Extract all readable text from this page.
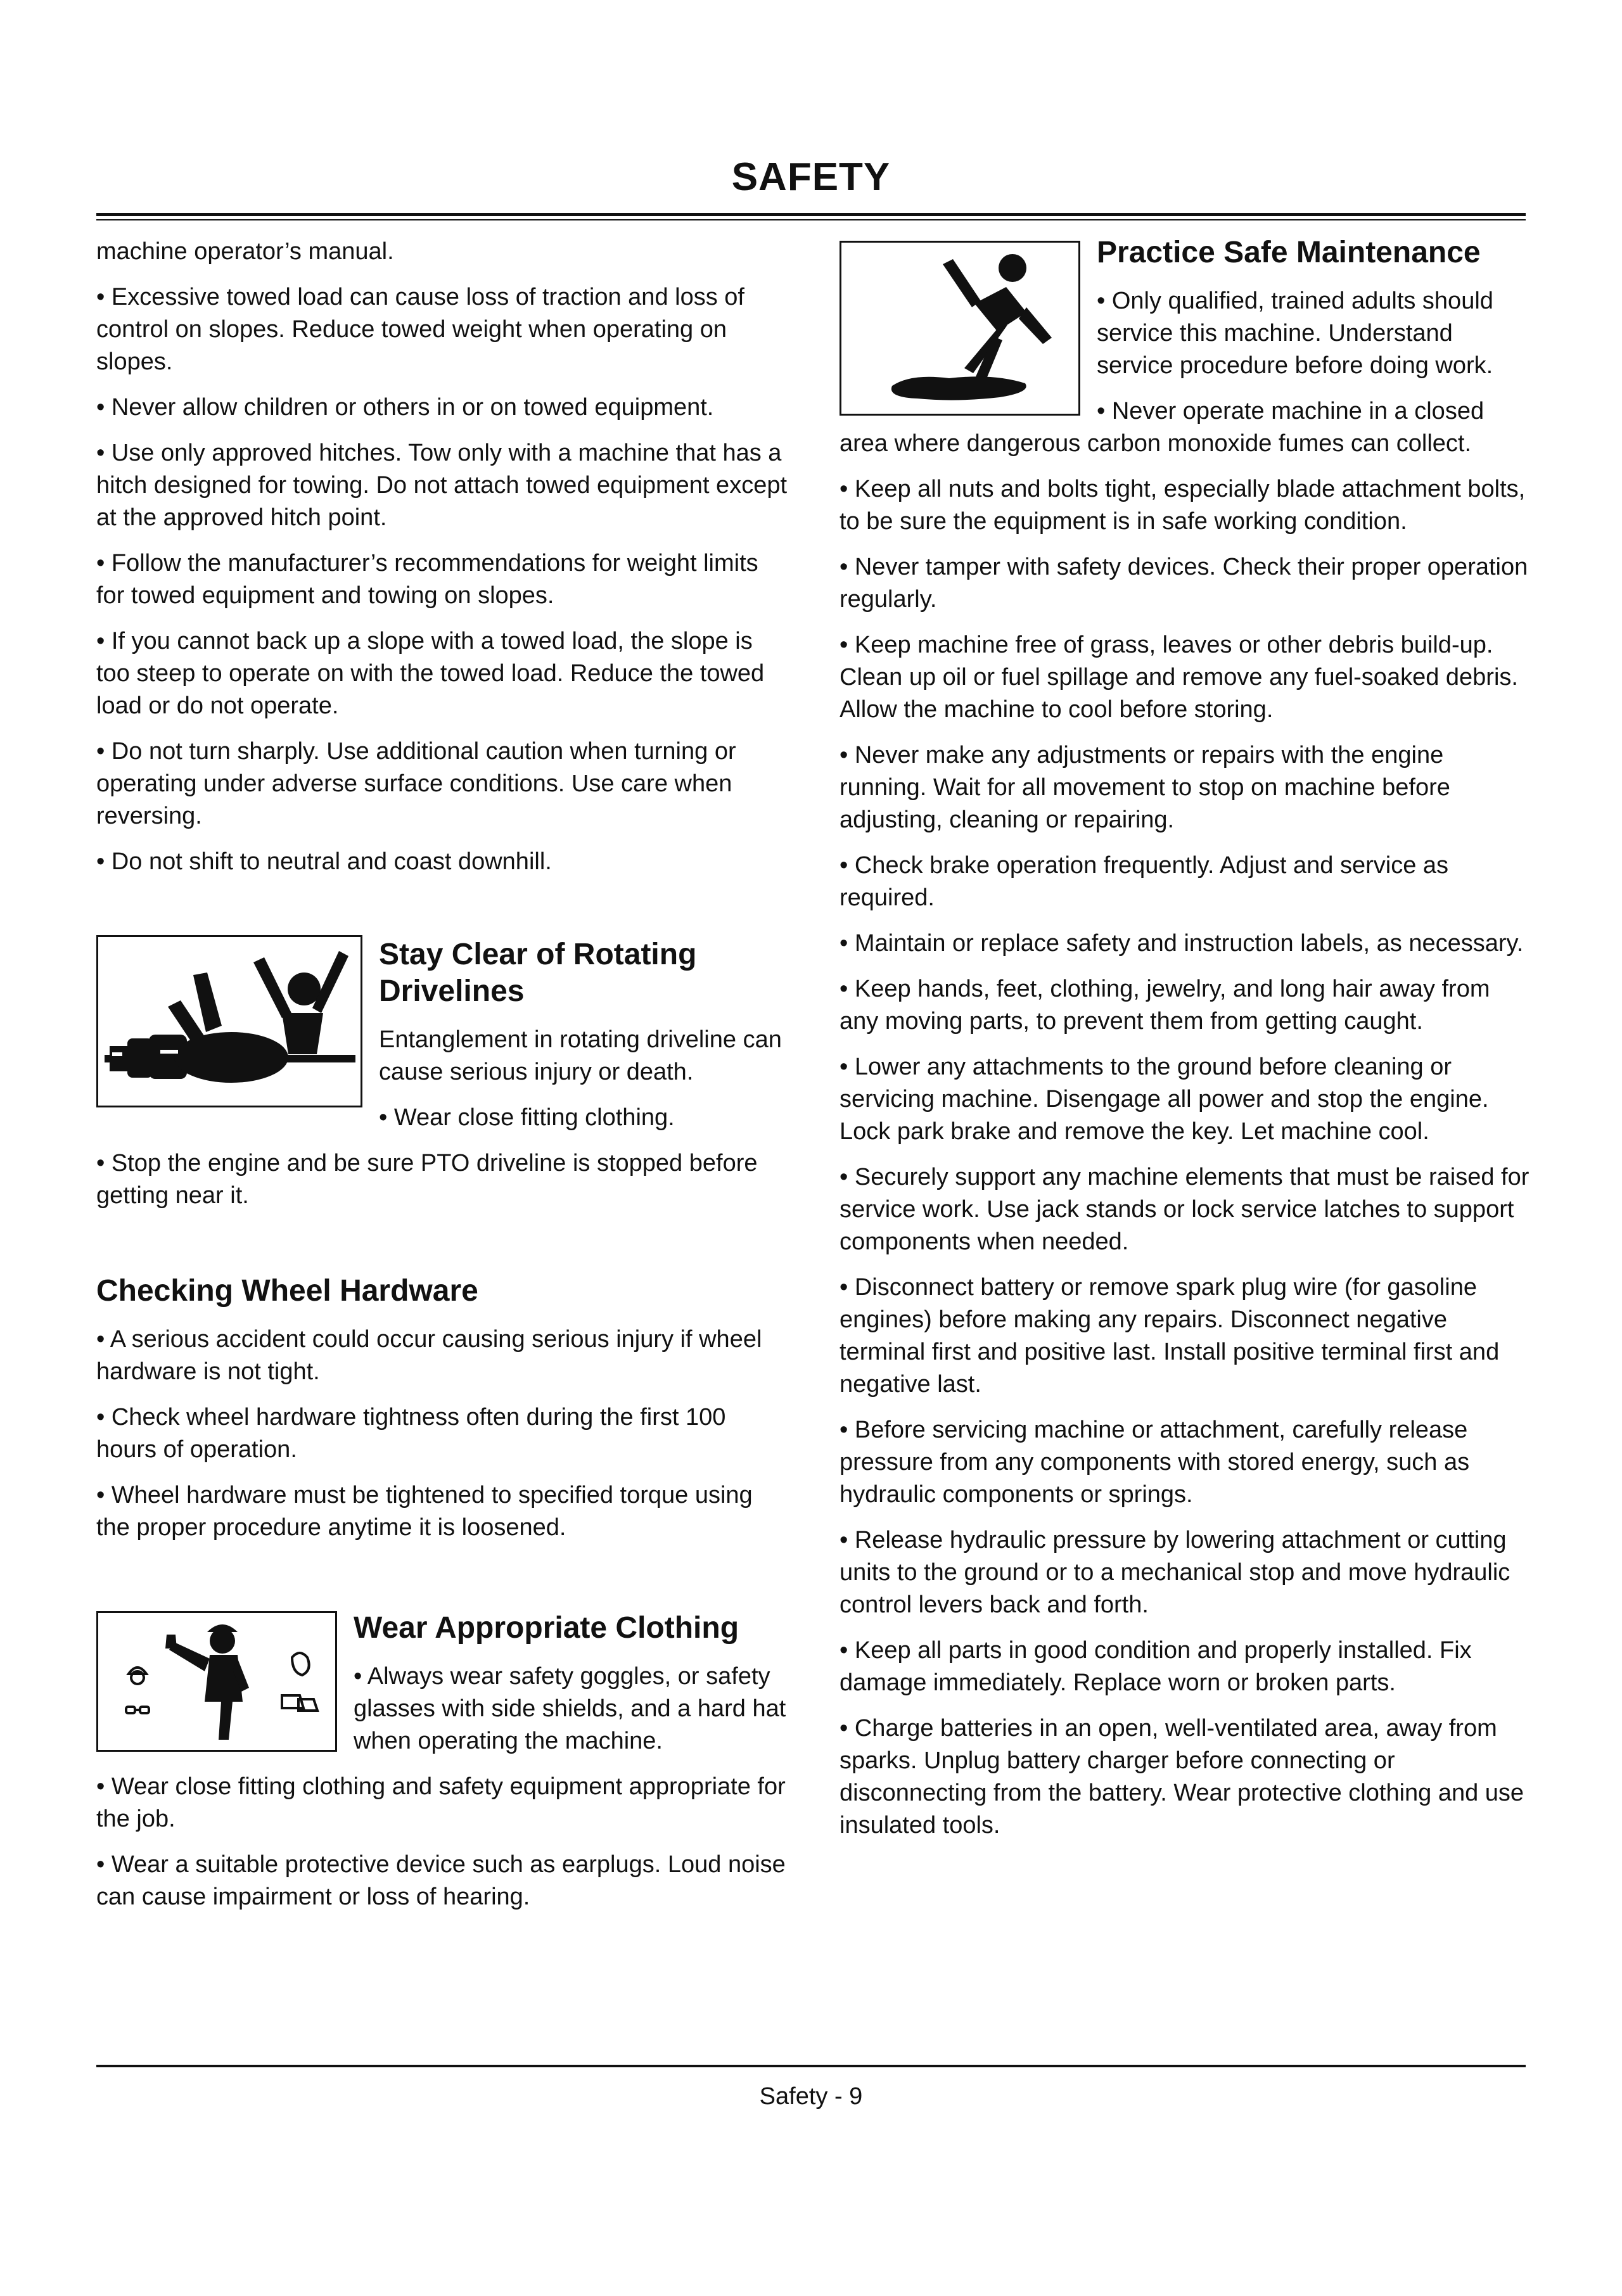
SAFETY

machine operator’s manual.

• Excessive towed load can cause loss of traction and loss of control on slopes. Reduce towed weight when operating on slopes.

• Never allow children or others in or on towed equipment.

• Use only approved hitches. Tow only with a machine that has a hitch designed for towing. Do not attach towed equipment except at the approved hitch point.

• Follow the manufacturer’s recommendations for weight limits for towed equipment and towing on slopes.

• If you cannot back up a slope with a towed load, the slope is too steep to operate on with the towed load. Reduce the towed load or do not operate.

• Do not turn sharply. Use additional caution when turning or operating under adverse surface conditions. Use care when reversing.

• Do not shift to neutral and coast downhill.

Stay Clear of Rotating Drivelines

Entanglement in rotating driveline can cause serious injury or death.

• Wear close fitting clothing.

• Stop the engine and be sure PTO driveline is stopped before getting near it.

Checking Wheel Hardware

• A serious accident could occur causing serious injury if wheel hardware is not tight.

• Check wheel hardware tightness often during the first 100 hours of operation.

• Wheel hardware must be tightened to specified torque using the proper procedure anytime it is loosened.

Wear Appropriate Clothing

• Always wear safety goggles, or safety glasses with side shields, and a hard hat when operating the machine.

• Wear close fitting clothing and safety equipment appropriate for the job.

• Wear a suitable protective device such as earplugs. Loud noise can cause impairment or loss of hearing.

Practice Safe Maintenance

• Only qualified, trained adults should service this machine. Understand service procedure before doing work.

• Never operate machine in a closed area where dangerous carbon monoxide fumes can collect.

• Keep all nuts and bolts tight, especially blade attachment bolts, to be sure the equipment is in safe working condition.

• Never tamper with safety devices. Check their proper operation regularly.

• Keep machine free of grass, leaves or other debris build-up. Clean up oil or fuel spillage and remove any fuel-soaked debris. Allow the machine to cool before storing.

• Never make any adjustments or repairs with the engine running. Wait for all movement to stop on machine before adjusting, cleaning or repairing.

• Check brake operation frequently. Adjust and service as required.

• Maintain or replace safety and instruction labels, as necessary.

• Keep hands, feet, clothing, jewelry, and long hair away from any moving parts, to prevent them from getting caught.

• Lower any attachments to the ground before cleaning or servicing machine. Disengage all power and stop the engine. Lock park brake and remove the key. Let machine cool.

• Securely support any machine elements that must be raised for service work. Use jack stands or lock service latches to support components when needed.

• Disconnect battery or remove spark plug wire (for gasoline engines) before making any repairs. Disconnect negative terminal first and positive last. Install positive terminal first and negative last.

• Before servicing machine or attachment, carefully release pressure from any components with stored energy, such as hydraulic components or springs.

• Release hydraulic pressure by lowering attachment or cutting units to the ground or to a mechanical stop and move hydraulic control levers back and forth.

• Keep all parts in good condition and properly installed. Fix damage immediately. Replace worn or broken parts.

• Charge batteries in an open, well-ventilated area, away from sparks. Unplug battery charger before connecting or disconnecting from the battery. Wear protective clothing and use insulated tools.

Safety - 9
